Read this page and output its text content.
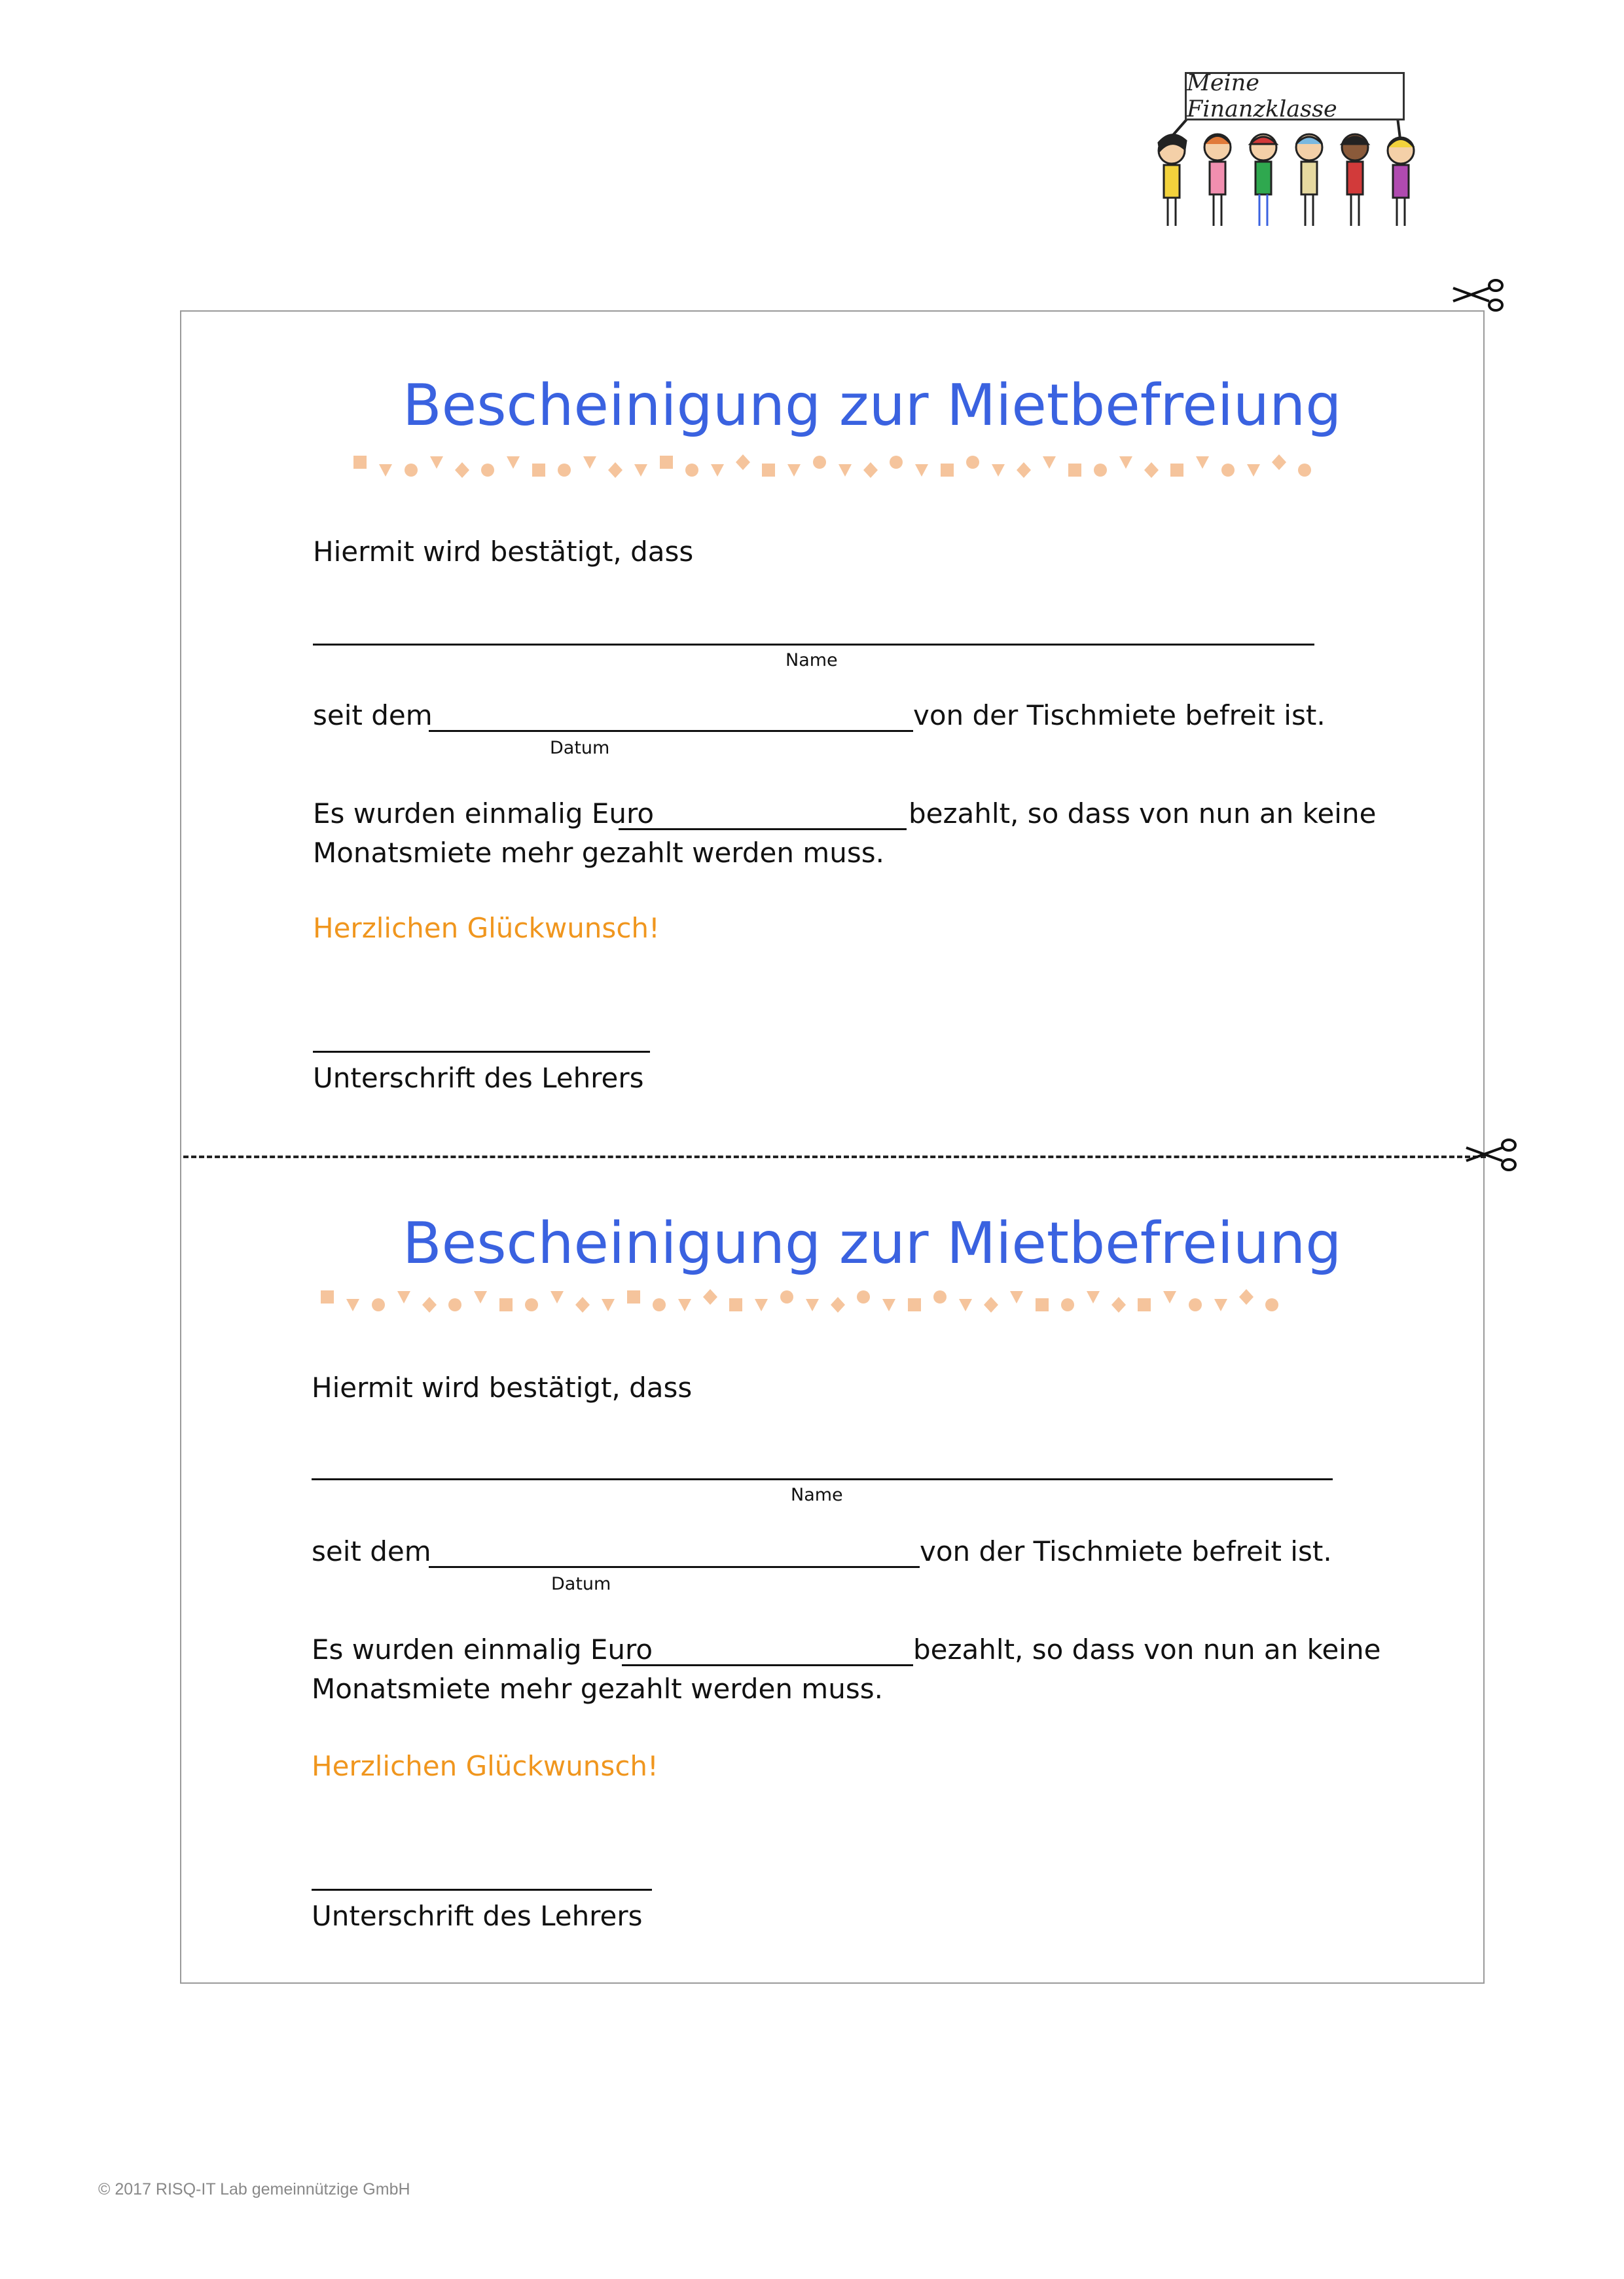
Meine Finanzklasse
Bescheinigung zur Mietbefreiung
Hiermit wird bestätigt, dass
Name
seit dem	von der Tischmiete befreit ist.
Datum
Es wurden einmalig Euro	bezahlt, so dass von nun an keine
Monatsmiete mehr gezahlt werden muss.
Herzlichen Glückwunsch!
Unterschrift des Lehrers
Bescheinigung zur Mietbefreiung
Hiermit wird bestätigt, dass
Name
seit dem	von der Tischmiete befreit ist.
Datum
Es wurden einmalig Euro	bezahlt, so dass von nun an keine
Monatsmiete mehr gezahlt werden muss.
Herzlichen Glückwunsch!
Unterschrift des Lehrers
© 2017 RISQ-IT Lab gemeinnützige GmbH
